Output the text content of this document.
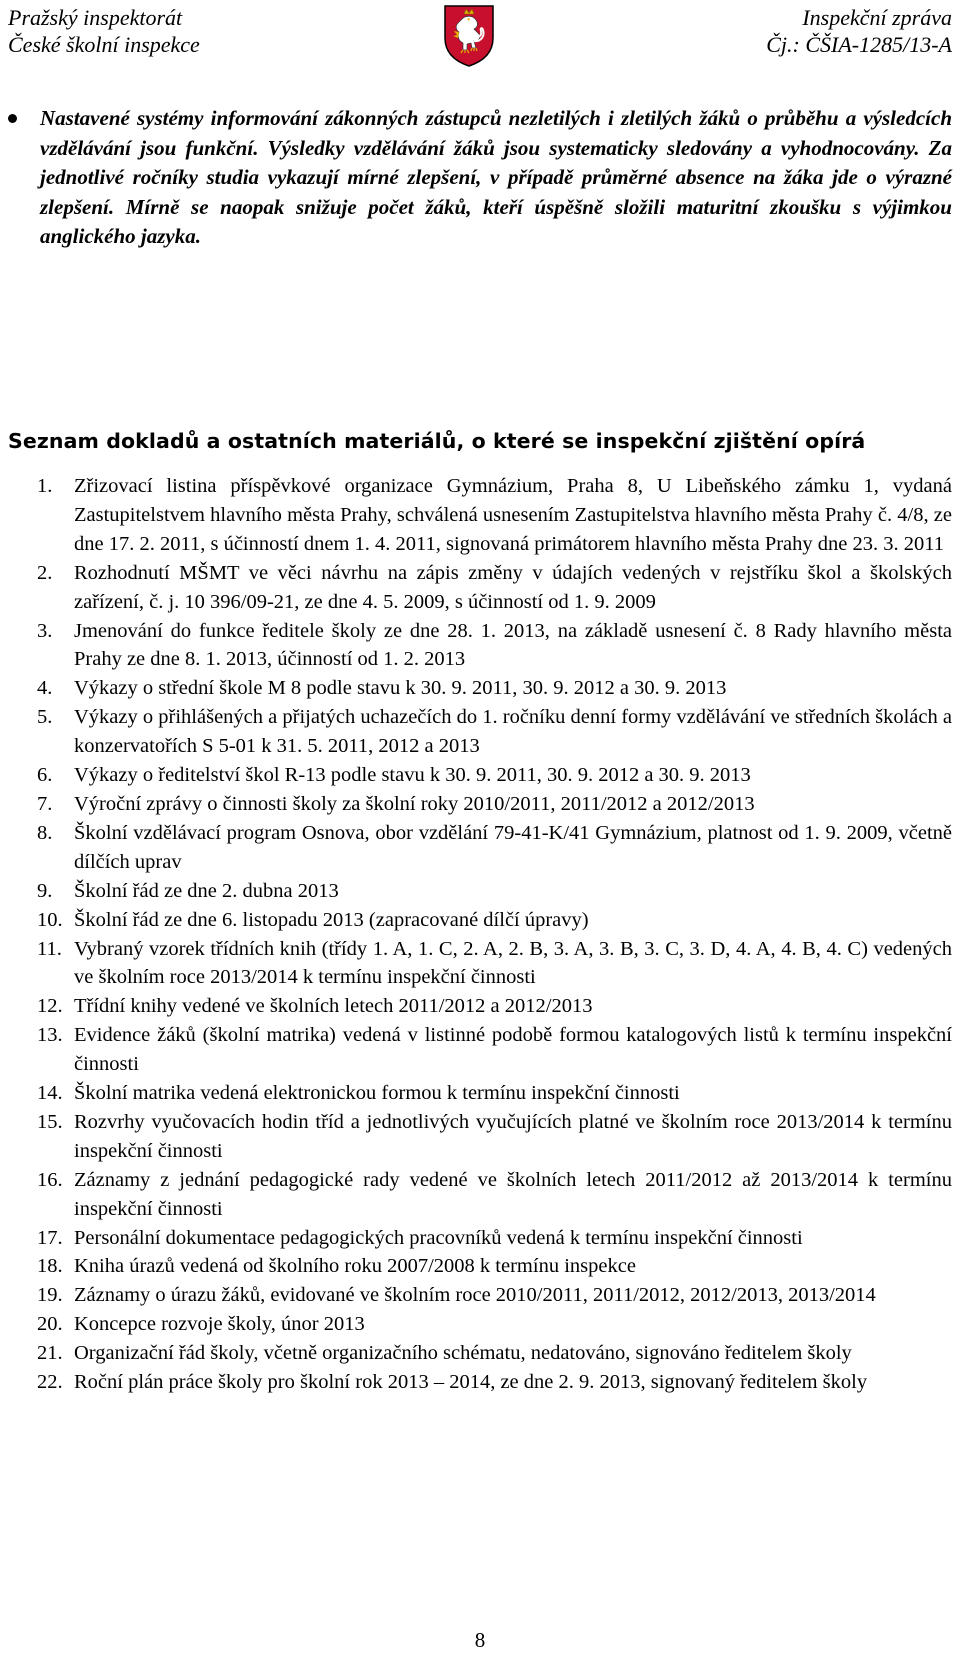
Pražský inspektorát
České školní inspekce
Inspekční zpráva
Čj.: ČŠIA-1285/13-A
Nastavené systémy informování zákonných zástupců nezletilých i zletilých žáků o průběhu a výsledcích vzdělávání jsou funkční. Výsledky vzdělávání žáků jsou systematicky sledovány a vyhodnocovány. Za jednotlivé ročníky studia vykazují mírné zlepšení, v případě průměrné absence na žáka jde o výrazné zlepšení. Mírně se naopak snižuje počet žáků, kteří úspěšně složili maturitní zkoušku s výjimkou anglického jazyka.
Seznam dokladů a ostatních materiálů, o které se inspekční zjištění opírá
1.	Zřizovací listina příspěvkové organizace Gymnázium, Praha 8, U Libeňského zámku 1, vydaná Zastupitelstvem hlavního města Prahy, schválená usnesením Zastupitelstva hlavního města Prahy č. 4/8, ze dne 17. 2. 2011, s účinností dnem 1. 4. 2011, signovaná primátorem hlavního města Prahy dne 23. 3. 2011
2.	Rozhodnutí MŠMT ve věci návrhu na zápis změny v údajích vedených v rejstříku škol a školských zařízení, č. j. 10 396/09-21, ze dne 4. 5. 2009, s účinností od 1. 9. 2009
3.	Jmenování do funkce ředitele školy ze dne 28. 1. 2013, na základě usnesení č. 8 Rady hlavního města Prahy ze dne 8. 1. 2013, účinností od 1. 2. 2013
4.	Výkazy o střední škole M 8 podle stavu k 30. 9. 2011, 30. 9. 2012 a 30. 9. 2013
5.	Výkazy o přihlášených a přijatých uchazečích do 1. ročníku denní formy vzdělávání ve středních školách a konzervatořích S 5-01 k 31. 5. 2011, 2012 a 2013
6.	Výkazy o ředitelství škol R-13 podle stavu k 30. 9. 2011, 30. 9. 2012 a 30. 9. 2013
7.	Výroční zprávy o činnosti školy za školní roky 2010/2011, 2011/2012 a 2012/2013
8.	Školní vzdělávací program Osnova, obor vzdělání 79-41-K/41 Gymnázium, platnost od 1. 9. 2009, včetně dílčích uprav
9.	Školní řád ze dne 2. dubna 2013
10. Školní řád ze dne 6. listopadu 2013 (zapracované dílčí úpravy)
11. Vybraný vzorek třídních knih (třídy 1. A, 1. C, 2. A, 2. B, 3. A, 3. B, 3. C, 3. D, 4. A, 4. B, 4. C) vedených ve školním roce 2013/2014 k termínu inspekční činnosti
12. Třídní knihy vedené ve školních letech 2011/2012 a 2012/2013
13. Evidence žáků (školní matrika) vedená v listinné podobě formou katalogových listů k termínu inspekční činnosti
14. Školní matrika vedená elektronickou formou k termínu inspekční činnosti
15. Rozvrhy vyučovacích hodin tříd a jednotlivých vyučujících platné ve školním roce 2013/2014 k termínu inspekční činnosti
16. Záznamy z jednání pedagogické rady vedené ve školních letech 2011/2012 až 2013/2014 k termínu inspekční činnosti
17. Personální dokumentace pedagogických pracovníků vedená k termínu inspekční činnosti
18. Kniha úrazů vedená od školního roku 2007/2008 k termínu inspekce
19. Záznamy o úrazu žáků, evidované ve školním roce 2010/2011, 2011/2012, 2012/2013, 2013/2014
20. Koncepce rozvoje školy, únor 2013
21. Organizační řád školy, včetně organizačního schématu, nedatováno, signováno ředitelem školy
22. Roční plán práce školy pro školní rok 2013 – 2014, ze dne 2. 9. 2013, signovaný ředitelem školy
8
